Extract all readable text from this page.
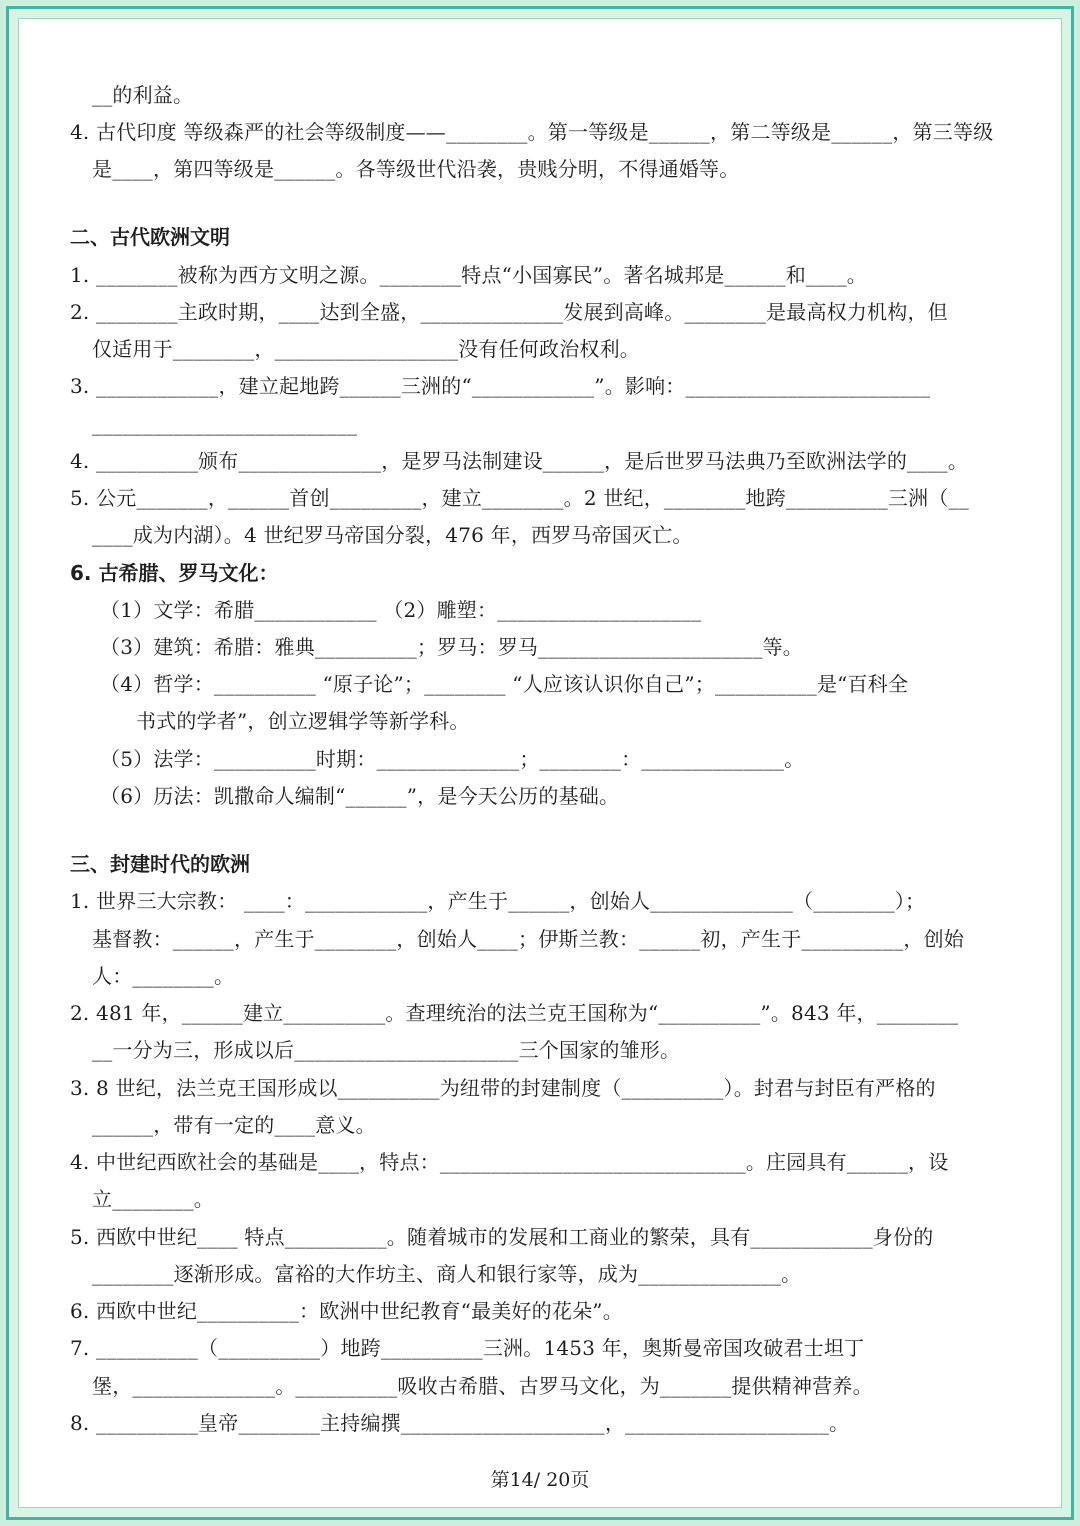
__的利益。
4. 古代印度 等级森严的社会等级制度——________。第一等级是______，第二等级是______，第三等级
是____，第四等级是______。各等级世代沿袭，贵贱分明，不得通婚等。
二、古代欧洲文明
1. ________被称为西方文明之源。________特点“小国寡民”。著名城邦是______和____。
2. ________主政时期，____达到全盛，______________发展到高峰。________是最高权力机构，但
仅适用于________，__________________没有任何政治权利。
3. ____________，建立起地跨______三洲的“____________”。影响：________________________
__________________________
4. __________颁布______________，是罗马法制建设______，是后世罗马法典乃至欧洲法学的____。
5. 公元_______，______首创_________，建立________。2 世纪，________地跨__________三洲（__
____成为内湖）。4 世纪罗马帝国分裂，476 年，西罗马帝国灭亡。
6. 古希腊、罗马文化：
（1）文学：希腊____________ （2）雕塑：____________________
（3）建筑：希腊：雅典__________；罗马：罗马______________________等。
（4）哲学：__________ “原子论”；________ “人应该认识你自己”；__________是“百科全
书式的学者”，创立逻辑学等新学科。
（5）法学：__________时期：______________；________：______________。
（6）历法：凯撒命人编制“______”，是今天公历的基础。
三、封建时代的欧洲
1. 世界三大宗教： ____：____________，产生于______，创始人______________（________）；
基督教：______，产生于________，创始人____；伊斯兰教：______初，产生于__________，创始
人：________。
2. 481 年，______建立__________。查理统治的法兰克王国称为“__________”。843 年，________
__一分为三，形成以后______________________三个国家的雏形。
3. 8 世纪，法兰克王国形成以__________为纽带的封建制度（__________）。封君与封臣有严格的
______，带有一定的____意义。
4. 中世纪西欧社会的基础是____，特点：______________________________。庄园具有______，设
立________。
5. 西欧中世纪____ 特点__________。随着城市的发展和工商业的繁荣，具有____________身份的
________逐渐形成。富裕的大作坊主、商人和银行家等，成为______________。
6. 西欧中世纪__________：欧洲中世纪教育“最美好的花朵”。
7. __________（__________）地跨__________三洲。1453 年，奥斯曼帝国攻破君士坦丁
堡，______________。__________吸收古希腊、古罗马文化，为_______提供精神营养。
8. __________皇帝________主持编撰____________________，____________________。
第14/ 20页
